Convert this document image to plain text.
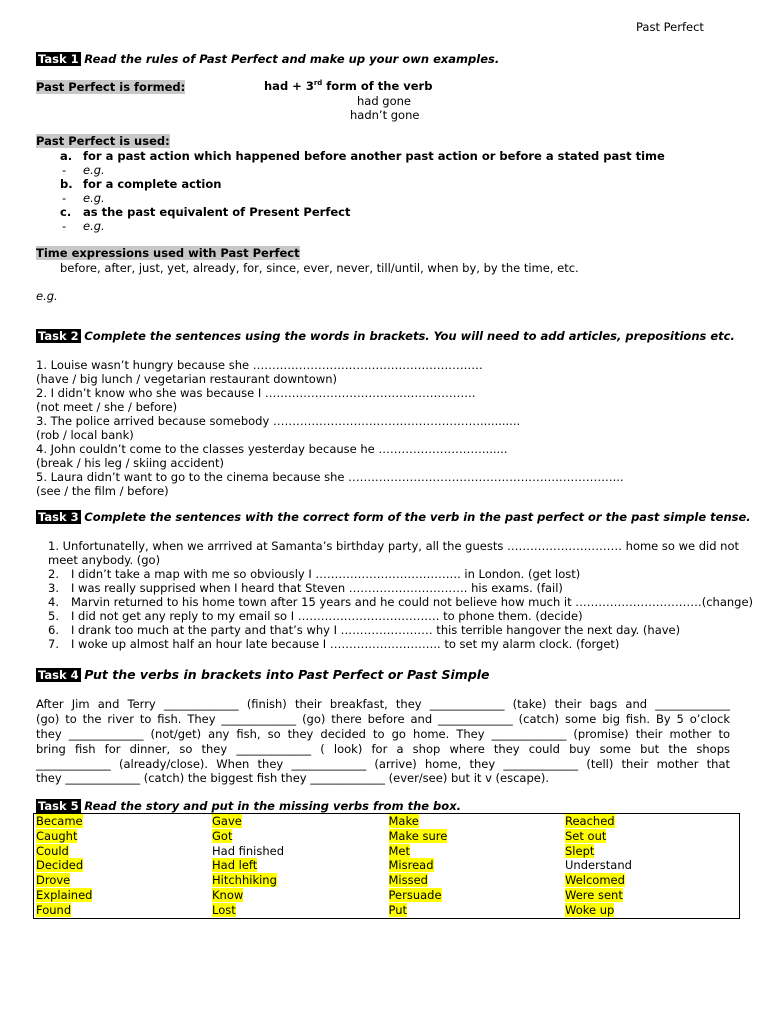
Past Perfect
Task 1 Read the rules of Past Perfect and make up your own examples.
Past Perfect is formed:	had + 3rd form of the verb
had gone
hadn’t gone
Past Perfect is used:
a. for a past action which happened before another past action or before a stated past time
- e.g.
b. for a complete action
- e.g.
c. as the past equivalent of Present Perfect
- e.g.
Time expressions used with Past Perfect
before, after, just, yet, already, for, since, ever, never, till/until, when by, by the time, etc.
e.g.
Task 2 Complete the sentences using the words in brackets. You will need to add articles, prepositions etc.
1. Louise wasn’t hungry because she ……………………………………………………
(have / big lunch / vegetarian restaurant downtown)
2. I didn’t know who she was because I ……………………………………………….
(not meet / she / before)
3. The police arrived because somebody ………………………………………………...........
(rob / local bank)
4. John couldn’t come to the classes yesterday because he ……………………….......
(break / his leg / skiing accident)
5. Laura didn’t want to go to the cinema because she ……………………………………………………………...
(see / the film / before)
Task 3 Complete the sentences with the correct form of the verb in the past perfect or the past simple tense.
1. Unfortunatelly, when we arrrived at Samanta’s birthday party, all the guests ………………………… home so we did not
meet anybody. (go)
2. I didn’t take a map with me so obviously I ……………………………….. in London. (get lost)
3. I was really supprised when I heard that Steven …………………………. his exams. (fail)
4. Marvin returned to his home town after 15 years and he could not believe how much it ……………………………(change)
5. I did not get any reply to my email so I ………………………………. to phone them. (decide)
6. I drank too much at the party and that’s why I …………………… this terrible hangover the next day. (have)
7. I woke up almost half an hour late because I ……………………….. to set my alarm clock. (forget)
Task 4 Put the verbs in brackets into Past Perfect or Past Simple
After Jim and Terry _____________ (finish) their breakfast, they _____________ (take) their bags and _____________
(go) to the river to fish. They _____________ (go) there before and _____________ (catch) some big fish. By 5 o’clock
they _____________ (not/get) any fish, so they decided to go home. They _____________ (promise) their mother to
bring fish for dinner, so they _____________ ( look) for a shop where they could buy some but the shops
_____________ (already/close). When they _____________ (arrive) home, they _____________ (tell) their mother that
they _____________ (catch) the biggest fish they _____________ (ever/see) but it v (escape).
Task 5 Read the story and put in the missing verbs from the box.
Became	Gave	Make	Reached
Caught	Got	Make sure	Set out
Could	Had finished	Met	Slept
Decided	Had left	Misread	Understand
Drove	Hitchhiking	Missed	Welcomed
Explained	Know	Persuade	Were sent
Found	Lost	Put	Woke up
